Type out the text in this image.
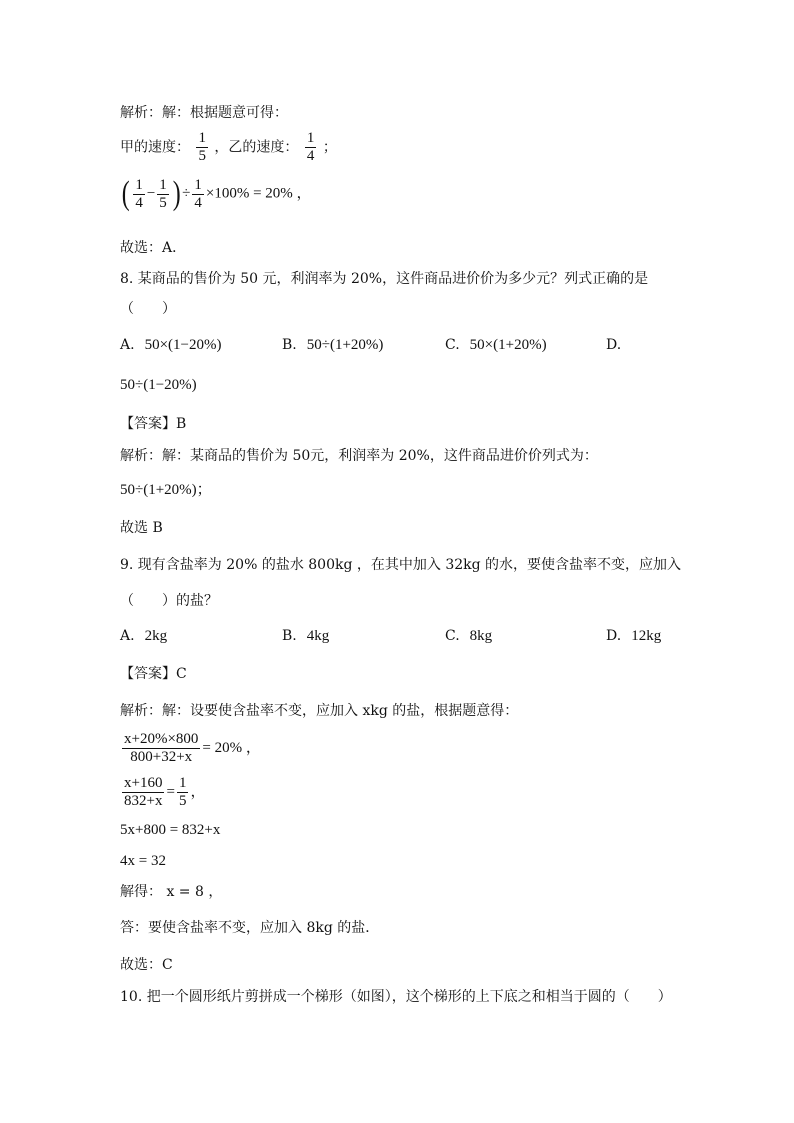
解析：解：根据题意可得：
甲的速度： $\frac{1}{5}$ ，乙的速度： $\frac{1}{4}$ ；
( $\frac{1}{4} - \frac{1}{5}$ ) ÷ $\frac{1}{4} \times 100\% = 20\%$ ，
故选：A．
8. 某商品的售价为 50 元，利润率为 20%，这件商品进价价为多少元？列式正确的是
（　　）
A. 50×(1−20%)	B. 50÷(1+20%)	C. 50×(1+20%)	D.
50÷(1−20%)
【答案】B
解析：解：某商品的售价为 50元，利润率为 20%，这件商品进价价列式为：
50÷(1+20%)；
故选 B
9. 现有含盐率为 20% 的盐水 800kg ，在其中加入 32kg 的水，要使含盐率不变，应加入
（　　）的盐？
A. 2kg	B. 4kg	C. 8kg	D. 12kg
【答案】C
解析：解：设要使含盐率不变，应加入 xkg 的盐，根据题意得：
$\frac{x+20\%\times 800}{800+32+x} = 20\%$ ，
$\frac{x+160}{832+x} = \frac{1}{5}$ ，
5x+800 = 832+x
4x = 32
解得： x = 8 ，
答：要使含盐率不变，应加入 8kg 的盐．
故选：C
10. 把一个圆形纸片剪拼成一个梯形（如图），这个梯形的上下底之和相当于圆的（　　）
